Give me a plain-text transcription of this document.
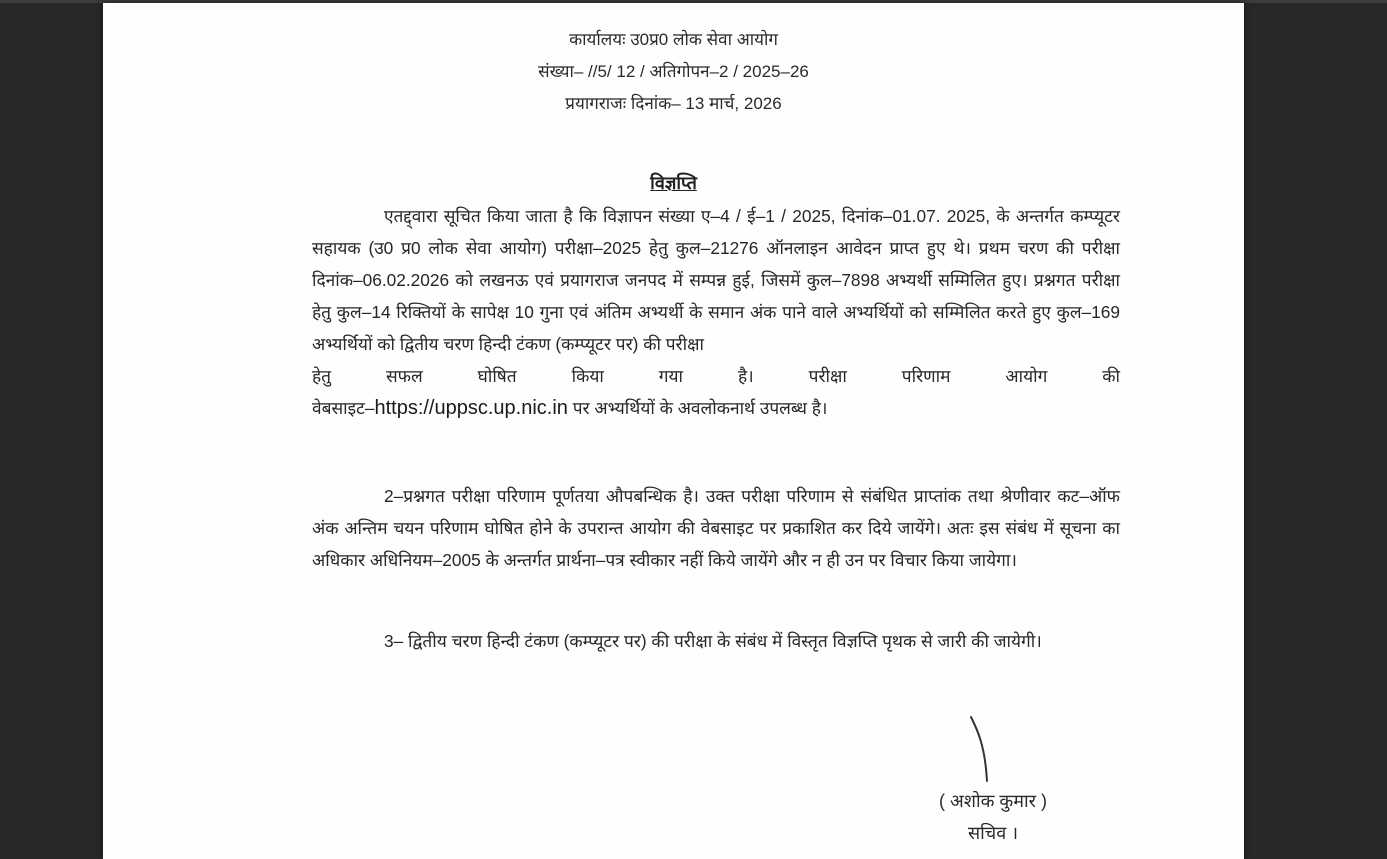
कार्यालयः उ0प्र0 लोक सेवा आयोग
संख्या– //5/ 12 / अतिगोपन–2 / 2025–26
प्रयागराजः दिनांक– 13 मार्च, 2026
विज्ञप्ति
एतद्द्वारा सूचित किया जाता है कि विज्ञापन संख्या ए–4 / ई–1 / 2025, दिनांक–01.07. 2025, के अन्तर्गत कम्प्यूटर सहायक (उ0 प्र0 लोक सेवा आयोग) परीक्षा–2025 हेतु कुल–21276 ऑनलाइन आवेदन प्राप्त हुए थे। प्रथम चरण की परीक्षा दिनांक–06.02.2026 को लखनऊ एवं प्रयागराज जनपद में सम्पन्न हुई, जिसमें कुल–7898 अभ्यर्थी सम्मिलित हुए। प्रश्नगत परीक्षा हेतु कुल–14 रिक्तियों के सापेक्ष 10 गुना एवं अंतिम अभ्यर्थी के समान अंक पाने वाले अभ्यर्थियों को सम्मिलित करते हुए कुल–169 अभ्यर्थियों को द्वितीय चरण हिन्दी टंकण (कम्प्यूटर पर) की परीक्षा
हेतु	सफल	घोषित	किया	गया	है।	परीक्षा	परिणाम	आयोग	की
वेबसाइट–https://uppsc.up.nic.in पर अभ्यर्थियों के अवलोकनार्थ उपलब्ध है।
2–प्रश्नगत परीक्षा परिणाम पूर्णतया औपबन्धिक है। उक्त परीक्षा परिणाम से संबंधित प्राप्तांक तथा श्रेणीवार कट–ऑफ अंक अन्तिम चयन परिणाम घोषित होने के उपरान्त आयोग की वेबसाइट पर प्रकाशित कर दिये जायेंगे। अतः इस संबंध में सूचना का अधिकार अधिनियम–2005 के अन्तर्गत प्रार्थना–पत्र स्वीकार नहीं किये जायेंगे और न ही उन पर विचार किया जायेगा।
3– द्वितीय चरण हिन्दी टंकण (कम्प्यूटर पर) की परीक्षा के संबंध में विस्तृत विज्ञप्ति पृथक से जारी की जायेगी।
( अशोक कुमार )
सचिव ।
